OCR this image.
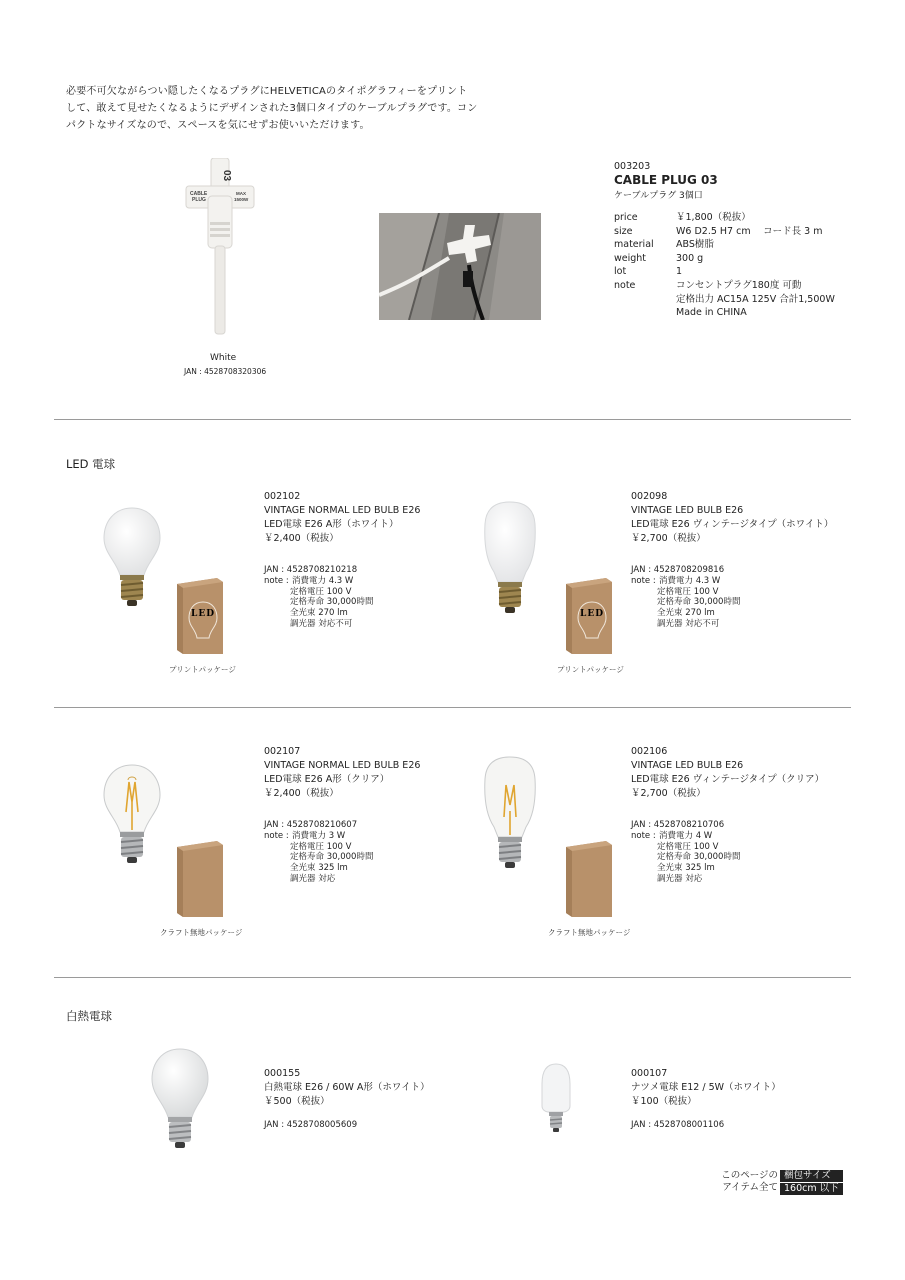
必要不可欠ながらつい隠したくなるプラグにHELVETICAのタイポグラフィーをプリント

して、敢えて見せたくなるようにデザインされた3個口タイプのケーブルプラグです。コン

パクトなサイズなので、スペースを気にせずお使いいただけます。

03
CABLE
PLUG
MAX
1500W
White
JAN : 4528708320306
003203
CABLE PLUG 03
ケーブルプラグ 3個口
price	￥1,800（税抜）
size	W6 D2.5 H7 cm　 コード長 3 m
material	ABS樹脂
weight	300 g
lot	1
note	コンセントプラグ180度 可動
	定格出力 AC15A 125V 合計1,500W
	Made in CHINA
LED 電球
LED
プリントパッケージ
002102
VINTAGE NORMAL LED BULB E26
LED電球 E26 A形（ホワイト）
￥2,400（税抜）
JAN : 4528708210218
note : 消費電力 4.3 W
定格電圧 100 V
定格寿命 30,000時間
全光束 270 lm
調光器 対応不可
LED
プリントパッケージ
002098
VINTAGE LED BULB E26
LED電球 E26 ヴィンテージタイプ（ホワイト）
￥2,700（税抜）
JAN : 4528708209816
note : 消費電力 4.3 W
定格電圧 100 V
定格寿命 30,000時間
全光束 270 lm
調光器 対応不可
クラフト無地パッケージ
002107
VINTAGE NORMAL LED BULB E26
LED電球 E26 A形（クリア）
￥2,400（税抜）
JAN : 4528708210607
note : 消費電力 3 W
定格電圧 100 V
定格寿命 30,000時間
全光束 325 lm
調光器 対応
クラフト無地パッケージ
002106
VINTAGE LED BULB E26
LED電球 E26 ヴィンテージタイプ（クリア）
￥2,700（税抜）
JAN : 4528708210706
note : 消費電力 4 W
定格電圧 100 V
定格寿命 30,000時間
全光束 325 lm
調光器 対応
白熱電球
000155
白熱電球 E26 / 60W A形（ホワイト）
￥500（税抜）
JAN : 4528708005609
000107
ナツメ電球 E12 / 5W（ホワイト）
￥100（税抜）
JAN : 4528708001106
このページの
アイテム全て
梱包サイズ
160cm 以下
